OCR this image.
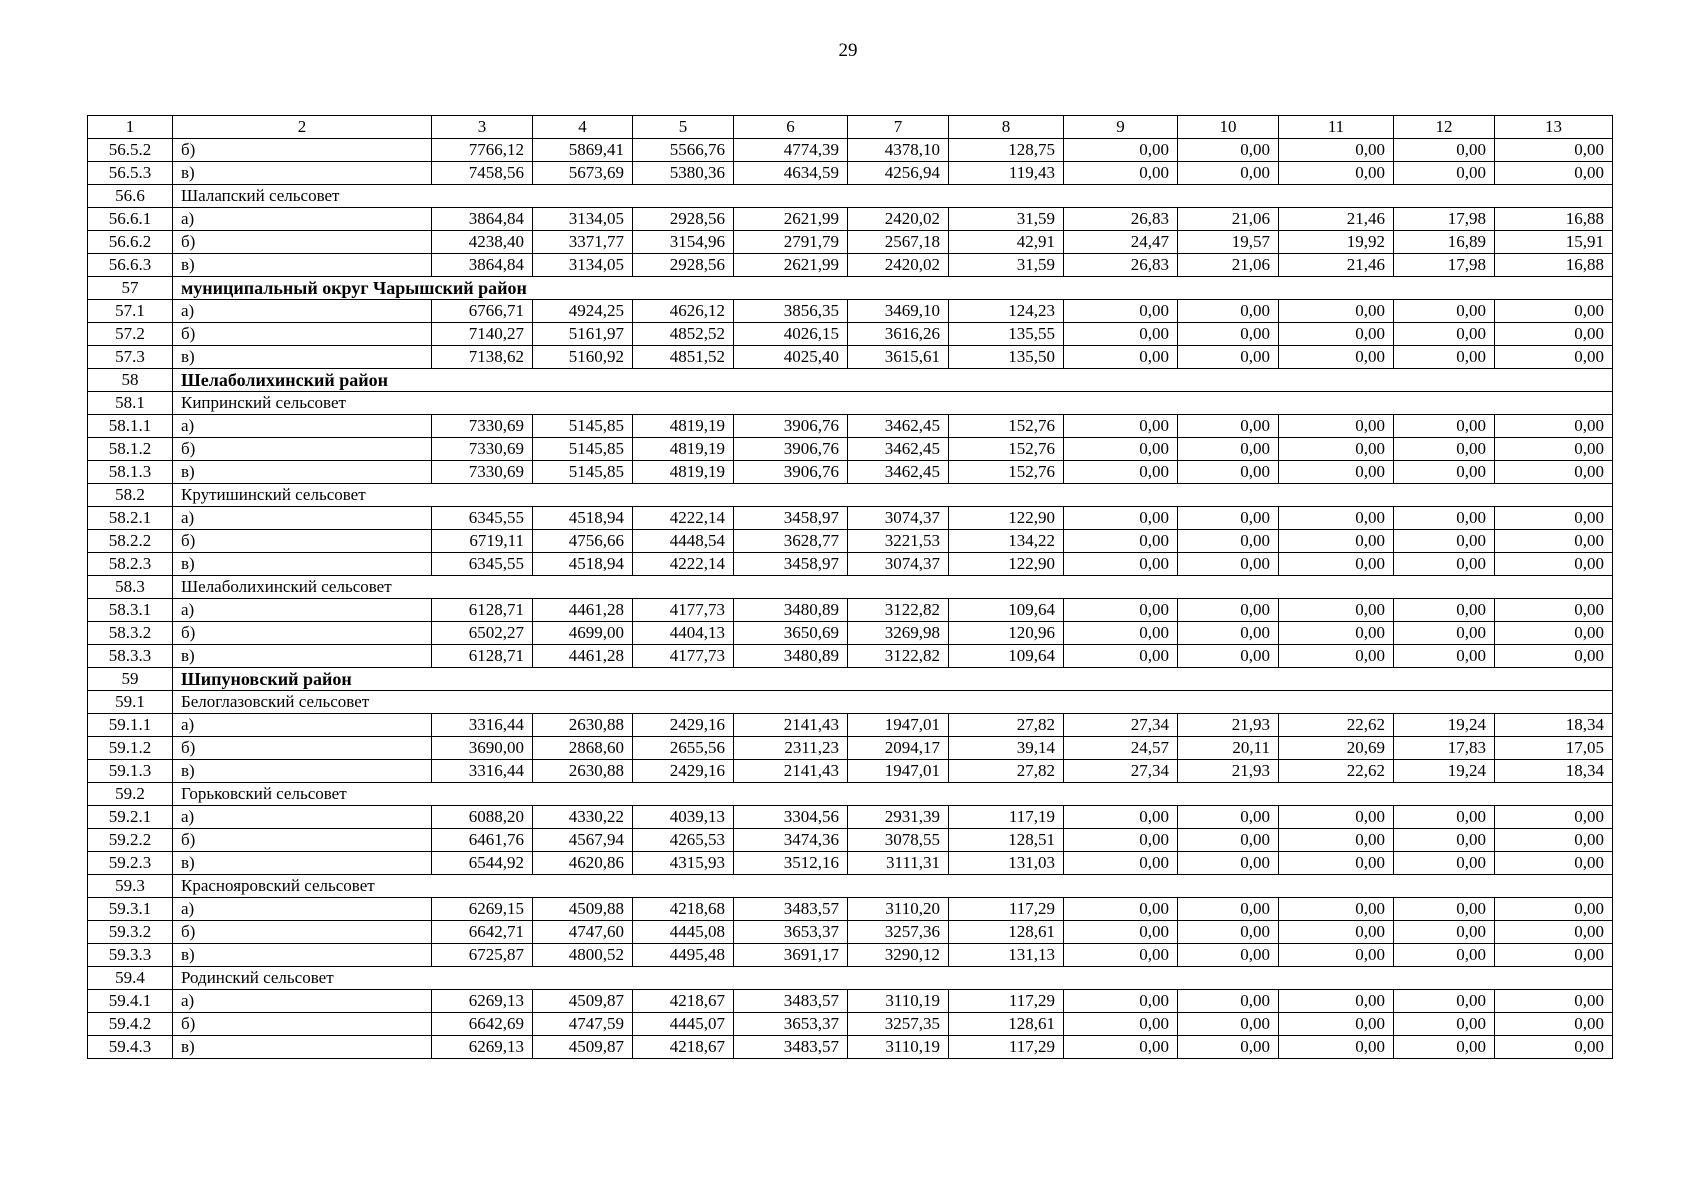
29
1	2	3	4	5	6	7	8	9	10	11	12	13
56.5.2	б)	7766,12	5869,41	5566,76	4774,39	4378,10	128,75	0,00	0,00	0,00	0,00	0,00
56.5.3	в)	7458,56	5673,69	5380,36	4634,59	4256,94	119,43	0,00	0,00	0,00	0,00	0,00
56.6	Шалапский сельсовет											
56.6.1	а)	3864,84	3134,05	2928,56	2621,99	2420,02	31,59	26,83	21,06	21,46	17,98	16,88
56.6.2	б)	4238,40	3371,77	3154,96	2791,79	2567,18	42,91	24,47	19,57	19,92	16,89	15,91
56.6.3	в)	3864,84	3134,05	2928,56	2621,99	2420,02	31,59	26,83	21,06	21,46	17,98	16,88
57	муниципальный округ Чарышский район											
57.1	а)	6766,71	4924,25	4626,12	3856,35	3469,10	124,23	0,00	0,00	0,00	0,00	0,00
57.2	б)	7140,27	5161,97	4852,52	4026,15	3616,26	135,55	0,00	0,00	0,00	0,00	0,00
57.3	в)	7138,62	5160,92	4851,52	4025,40	3615,61	135,50	0,00	0,00	0,00	0,00	0,00
58	Шелаболихинский район											
58.1	Кипринский сельсовет											
58.1.1	а)	7330,69	5145,85	4819,19	3906,76	3462,45	152,76	0,00	0,00	0,00	0,00	0,00
58.1.2	б)	7330,69	5145,85	4819,19	3906,76	3462,45	152,76	0,00	0,00	0,00	0,00	0,00
58.1.3	в)	7330,69	5145,85	4819,19	3906,76	3462,45	152,76	0,00	0,00	0,00	0,00	0,00
58.2	Крутишинский сельсовет											
58.2.1	а)	6345,55	4518,94	4222,14	3458,97	3074,37	122,90	0,00	0,00	0,00	0,00	0,00
58.2.2	б)	6719,11	4756,66	4448,54	3628,77	3221,53	134,22	0,00	0,00	0,00	0,00	0,00
58.2.3	в)	6345,55	4518,94	4222,14	3458,97	3074,37	122,90	0,00	0,00	0,00	0,00	0,00
58.3	Шелаболихинский сельсовет											
58.3.1	а)	6128,71	4461,28	4177,73	3480,89	3122,82	109,64	0,00	0,00	0,00	0,00	0,00
58.3.2	б)	6502,27	4699,00	4404,13	3650,69	3269,98	120,96	0,00	0,00	0,00	0,00	0,00
58.3.3	в)	6128,71	4461,28	4177,73	3480,89	3122,82	109,64	0,00	0,00	0,00	0,00	0,00
59	Шипуновский район											
59.1	Белоглазовский сельсовет											
59.1.1	а)	3316,44	2630,88	2429,16	2141,43	1947,01	27,82	27,34	21,93	22,62	19,24	18,34
59.1.2	б)	3690,00	2868,60	2655,56	2311,23	2094,17	39,14	24,57	20,11	20,69	17,83	17,05
59.1.3	в)	3316,44	2630,88	2429,16	2141,43	1947,01	27,82	27,34	21,93	22,62	19,24	18,34
59.2	Горьковский сельсовет											
59.2.1	а)	6088,20	4330,22	4039,13	3304,56	2931,39	117,19	0,00	0,00	0,00	0,00	0,00
59.2.2	б)	6461,76	4567,94	4265,53	3474,36	3078,55	128,51	0,00	0,00	0,00	0,00	0,00
59.2.3	в)	6544,92	4620,86	4315,93	3512,16	3111,31	131,03	0,00	0,00	0,00	0,00	0,00
59.3	Краснояровский сельсовет											
59.3.1	а)	6269,15	4509,88	4218,68	3483,57	3110,20	117,29	0,00	0,00	0,00	0,00	0,00
59.3.2	б)	6642,71	4747,60	4445,08	3653,37	3257,36	128,61	0,00	0,00	0,00	0,00	0,00
59.3.3	в)	6725,87	4800,52	4495,48	3691,17	3290,12	131,13	0,00	0,00	0,00	0,00	0,00
59.4	Родинский сельсовет											
59.4.1	а)	6269,13	4509,87	4218,67	3483,57	3110,19	117,29	0,00	0,00	0,00	0,00	0,00
59.4.2	б)	6642,69	4747,59	4445,07	3653,37	3257,35	128,61	0,00	0,00	0,00	0,00	0,00
59.4.3	в)	6269,13	4509,87	4218,67	3483,57	3110,19	117,29	0,00	0,00	0,00	0,00	0,00
